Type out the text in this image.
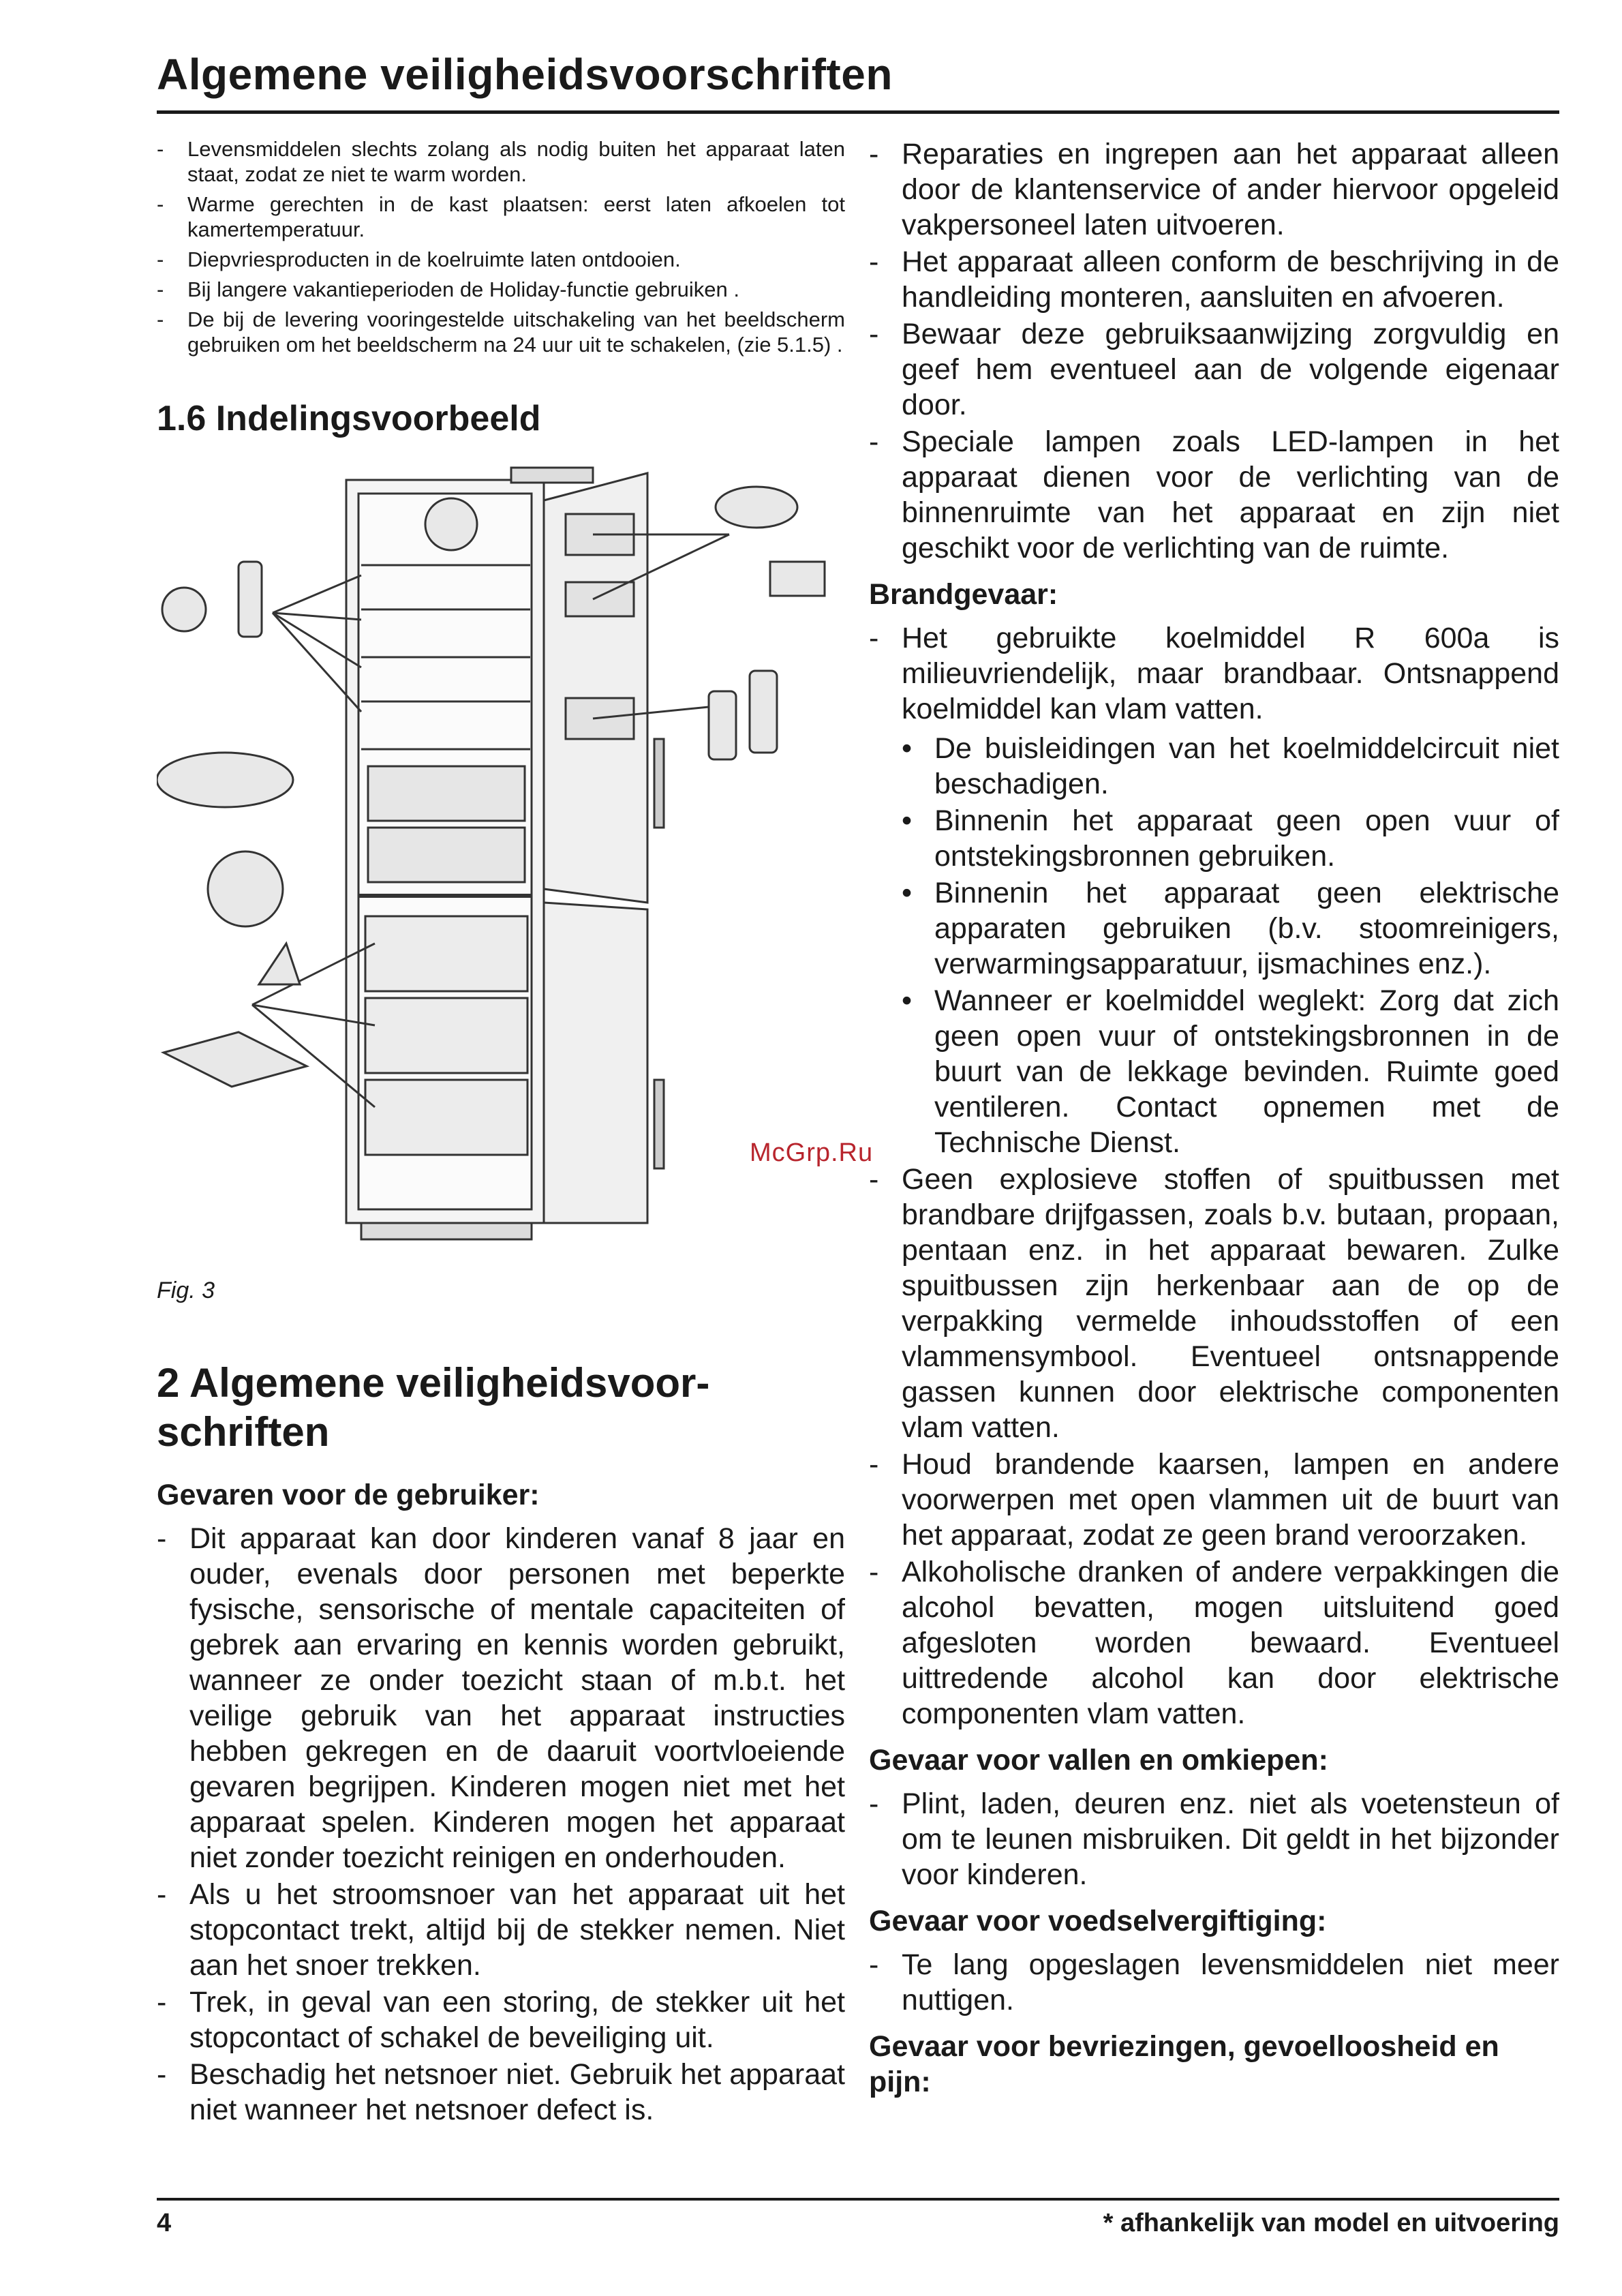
Algemene veiligheidsvoorschriften
- Levensmiddelen slechts zolang als nodig buiten het apparaat laten staat, zodat ze niet te warm worden.
- Warme gerechten in de kast plaatsen: eerst laten afkoelen tot kamertemperatuur.
- Diepvriesproducten in de koelruimte laten ontdooien.
- Bij langere vakantieperioden de Holiday-functie gebruiken .
- De bij de levering vooringestelde uitschakeling van het beeldscherm gebruiken om het beeldscherm na 24 uur uit te schakelen, (zie 5.1.5) .
1.6 Indelingsvoorbeeld
Fig. 3
2 Algemene veiligheidsvoor-schriften
Gevaren voor de gebruiker:
- Dit apparaat kan door kinderen vanaf 8 jaar en ouder, evenals door personen met beperkte fysische, sensorische of mentale capaciteiten of gebrek aan ervaring en kennis worden gebruikt, wanneer ze onder toezicht staan of m.b.t. het veilige gebruik van het apparaat instructies hebben gekregen en de daaruit voortvloeiende gevaren begrijpen. Kinderen mogen niet met het apparaat spelen. Kinderen mogen het apparaat niet zonder toezicht reinigen en onderhouden.
- Als u het stroomsnoer van het apparaat uit het stopcontact trekt, altijd bij de stekker nemen. Niet aan het snoer trekken.
- Trek, in geval van een storing, de stekker uit het stopcontact of schakel de beveiliging uit.
- Beschadig het netsnoer niet. Gebruik het apparaat niet wanneer het netsnoer defect is.
- Reparaties en ingrepen aan het apparaat alleen door de klantenservice of ander hiervoor opgeleid vakpersoneel laten uitvoeren.
- Het apparaat alleen conform de beschrijving in de handleiding monteren, aansluiten en afvoeren.
- Bewaar deze gebruiksaanwijzing zorgvuldig en geef hem eventueel aan de volgende eigenaar door.
- Speciale lampen zoals LED-lampen in het apparaat dienen voor de verlichting van de binnenruimte van het apparaat en zijn niet geschikt voor de verlichting van de ruimte.
Brandgevaar:
- Het gebruikte koelmiddel R 600a is milieuvriendelijk, maar brandbaar. Ontsnappend koelmiddel kan vlam vatten.
• De buisleidingen van het koelmiddelcircuit niet beschadigen.
• Binnenin het apparaat geen open vuur of ontstekingsbronnen gebruiken.
• Binnenin het apparaat geen elektrische apparaten gebruiken (b.v. stoomreinigers, verwarmingsapparatuur, ijsmachines enz.).
• Wanneer er koelmiddel weglekt: Zorg dat zich geen open vuur of ontstekingsbronnen in de buurt van de lekkage bevinden. Ruimte goed ventileren. Contact opnemen met de Technische Dienst.
- Geen explosieve stoffen of spuitbussen met brandbare drijfgassen, zoals b.v. butaan, propaan, pentaan enz. in het apparaat bewaren. Zulke spuitbussen zijn herkenbaar aan de op de verpakking vermelde inhoudsstoffen of een vlammensymbool. Eventueel ontsnappende gassen kunnen door elektrische componenten vlam vatten.
- Houd brandende kaarsen, lampen en andere voorwerpen met open vlammen uit de buurt van het apparaat, zodat ze geen brand veroorzaken.
- Alkoholische dranken of andere verpakkingen die alcohol bevatten, mogen uitsluitend goed afgesloten worden bewaard. Eventueel uittredende alcohol kan door elektrische componenten vlam vatten.
Gevaar voor vallen en omkiepen:
- Plint, laden, deuren enz. niet als voetensteun of om te leunen misbruiken. Dit geldt in het bijzonder voor kinderen.
Gevaar voor voedselvergiftiging:
- Te lang opgeslagen levensmiddelen niet meer nuttigen.
Gevaar voor bevriezingen, gevoelloosheid en pijn:
McGrp.Ru
4	* afhankelijk van model en uitvoering
